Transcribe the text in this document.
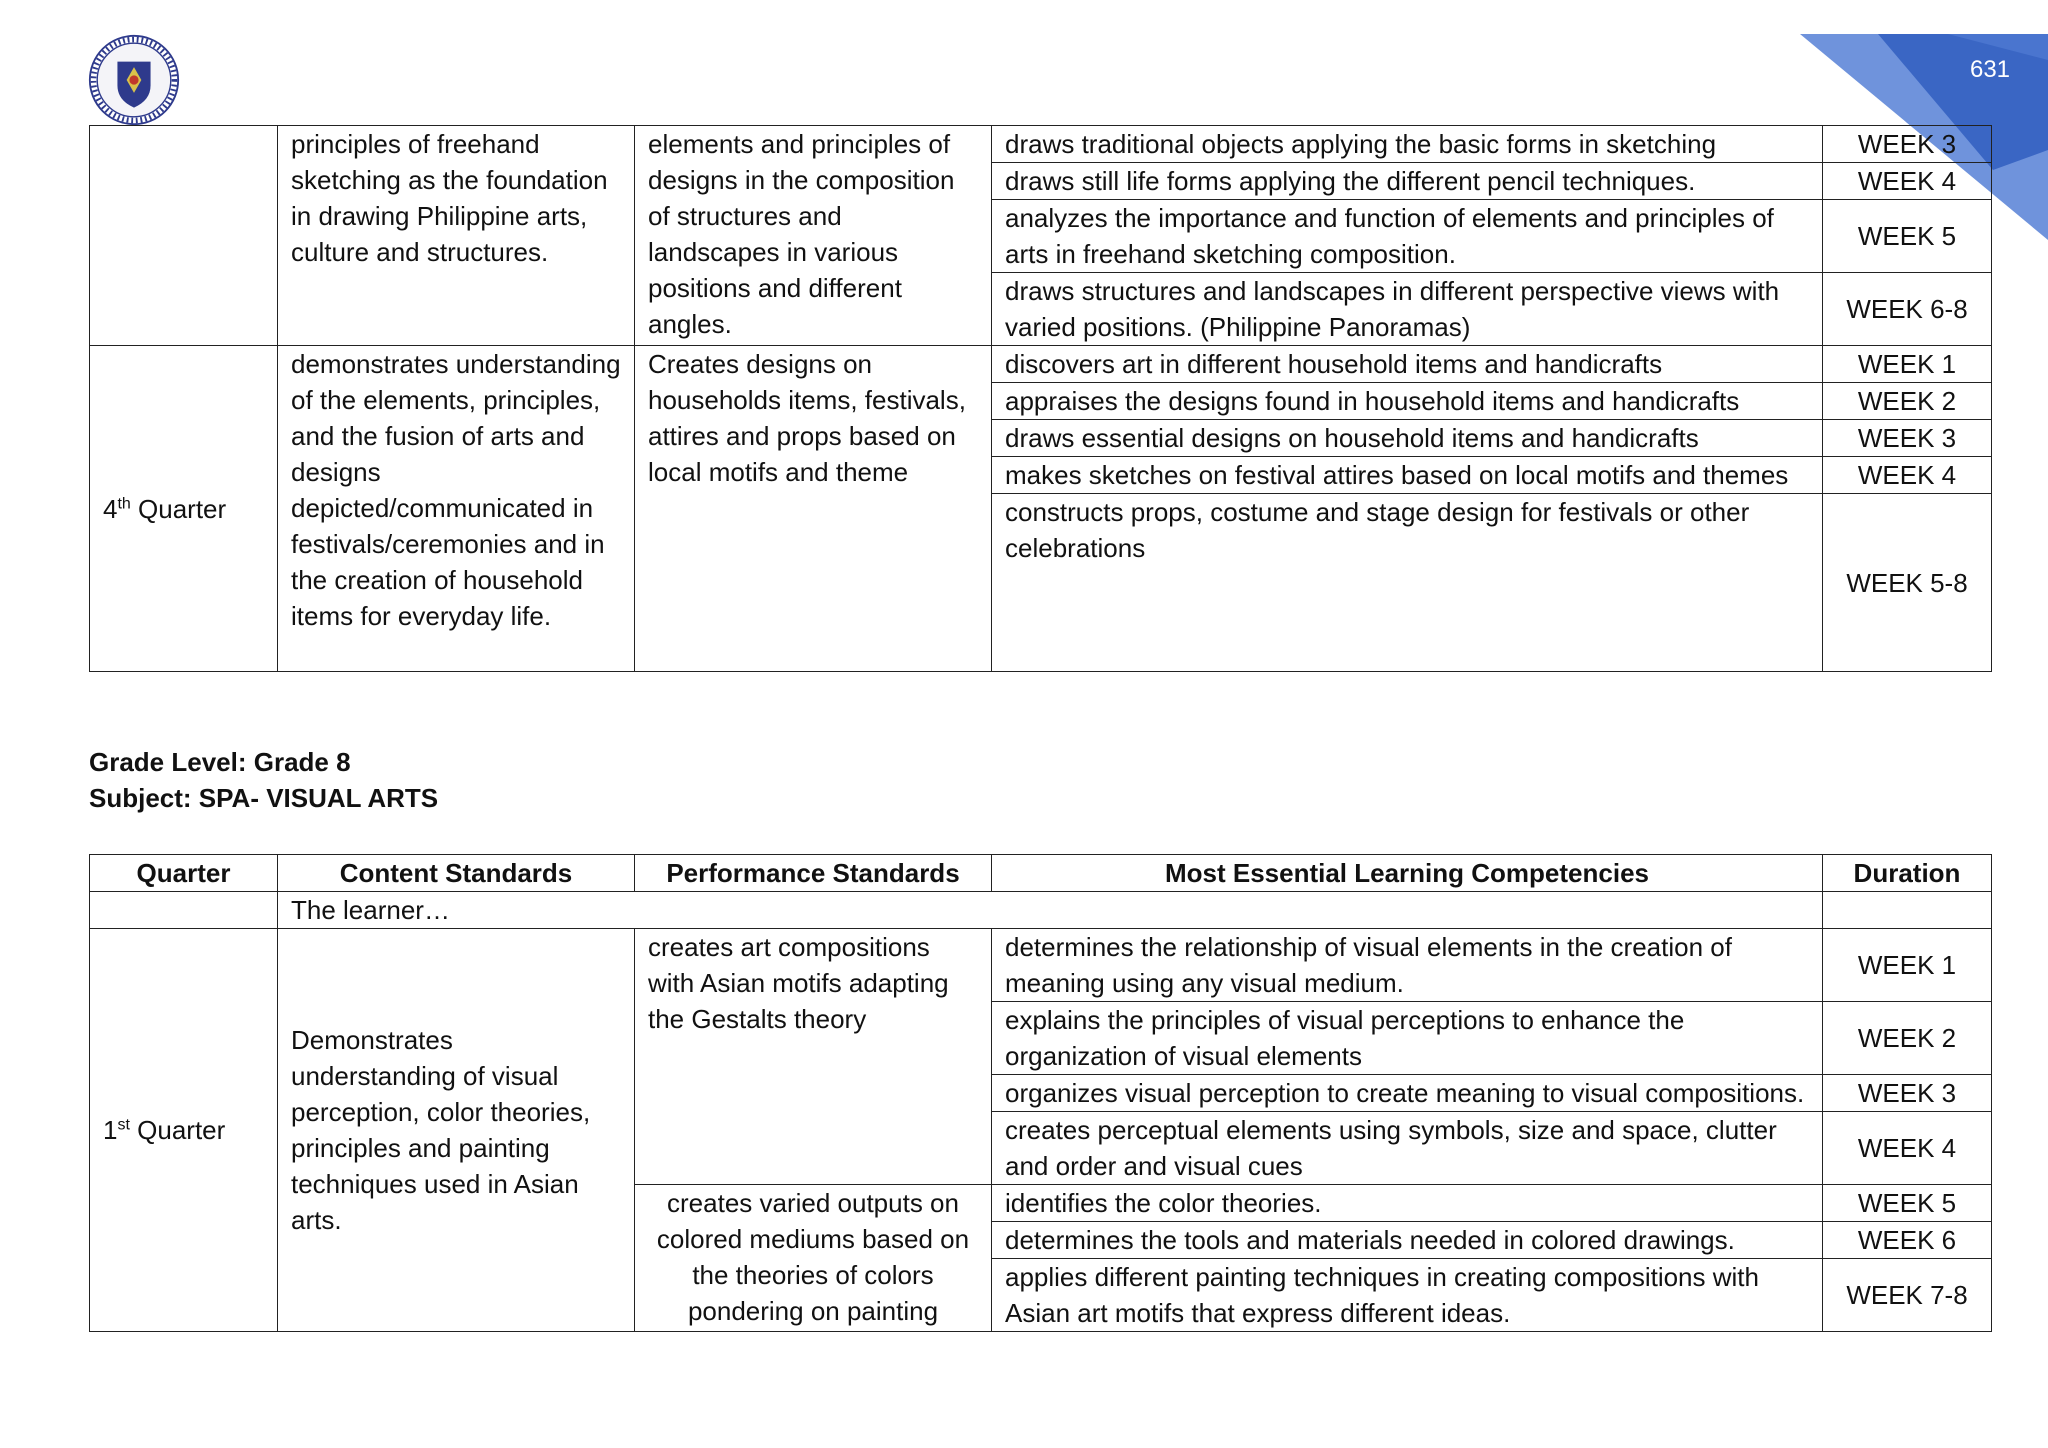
631
	principles of freehand sketching as the foundation in drawing Philippine arts, culture and structures.	elements and principles of designs in the composition of structures and landscapes in various positions and different angles.	draws traditional objects applying the basic forms in sketching	WEEK 3
			draws still life forms applying the different pencil techniques.	WEEK 4
			analyzes the importance and function of elements and principles of arts in freehand sketching composition.	WEEK 5
			draws structures and landscapes in different perspective views with varied positions. (Philippine Panoramas)	WEEK 6-8
4th Quarter	demonstrates understanding of the elements, principles, and the fusion of arts and designs depicted/communicated in festivals/ceremonies and in the creation of household items for everyday life.	Creates designs on households items, festivals, attires and props based on local motifs and theme	discovers art in different household items and handicrafts	WEEK 1
			appraises the designs found in household items and handicrafts	WEEK 2
			draws essential designs on household items and handicrafts	WEEK 3
			makes sketches on festival attires based on local motifs and themes	WEEK 4
			constructs props, costume and stage design for festivals or other celebrations	WEEK 5-8
Grade Level: Grade 8
Subject: SPA- VISUAL ARTS
Quarter	Content Standards	Performance Standards	Most Essential Learning Competencies	Duration
	The learner…			
1st Quarter	Demonstrates understanding of visual perception, color theories, principles and painting techniques used in Asian arts.	creates art compositions with Asian motifs adapting the Gestalts theory	determines the relationship of visual elements in the creation of meaning using any visual medium.	WEEK 1
			explains the principles of visual perceptions to enhance the organization of visual elements	WEEK 2
			organizes visual perception to create meaning to visual compositions.	WEEK 3
			creates perceptual elements using symbols, size and space, clutter and order and visual cues	WEEK 4
		creates varied outputs on colored mediums based on the theories of colors pondering on painting	identifies the color theories.	WEEK 5
			determines the tools and materials needed in colored drawings.	WEEK 6
			applies different painting techniques in creating compositions with Asian art motifs that express different ideas.	WEEK 7-8
